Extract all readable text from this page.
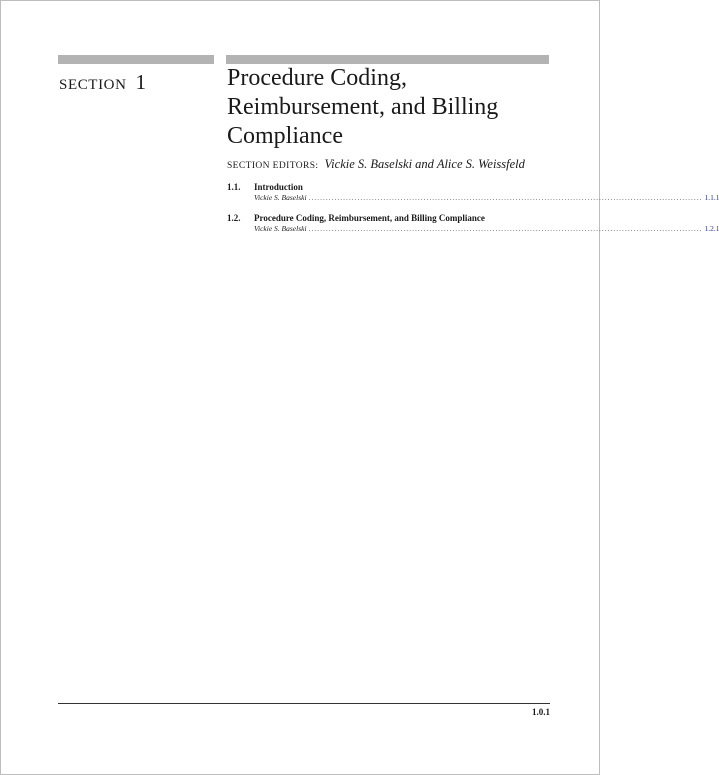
SECTION 1	Procedure Coding, Reimbursement, and Billing Compliance
SECTION EDITORS: Vickie S. Baselski and Alice S. Weissfeld
1.1.	Introduction
Vickie S. Baselski ......................................................................................................................................... 1.1.1
1.2.	Procedure Coding, Reimbursement, and Billing Compliance
Vickie S. Baselski ......................................................................................................................................... 1.2.1
1.0.1
